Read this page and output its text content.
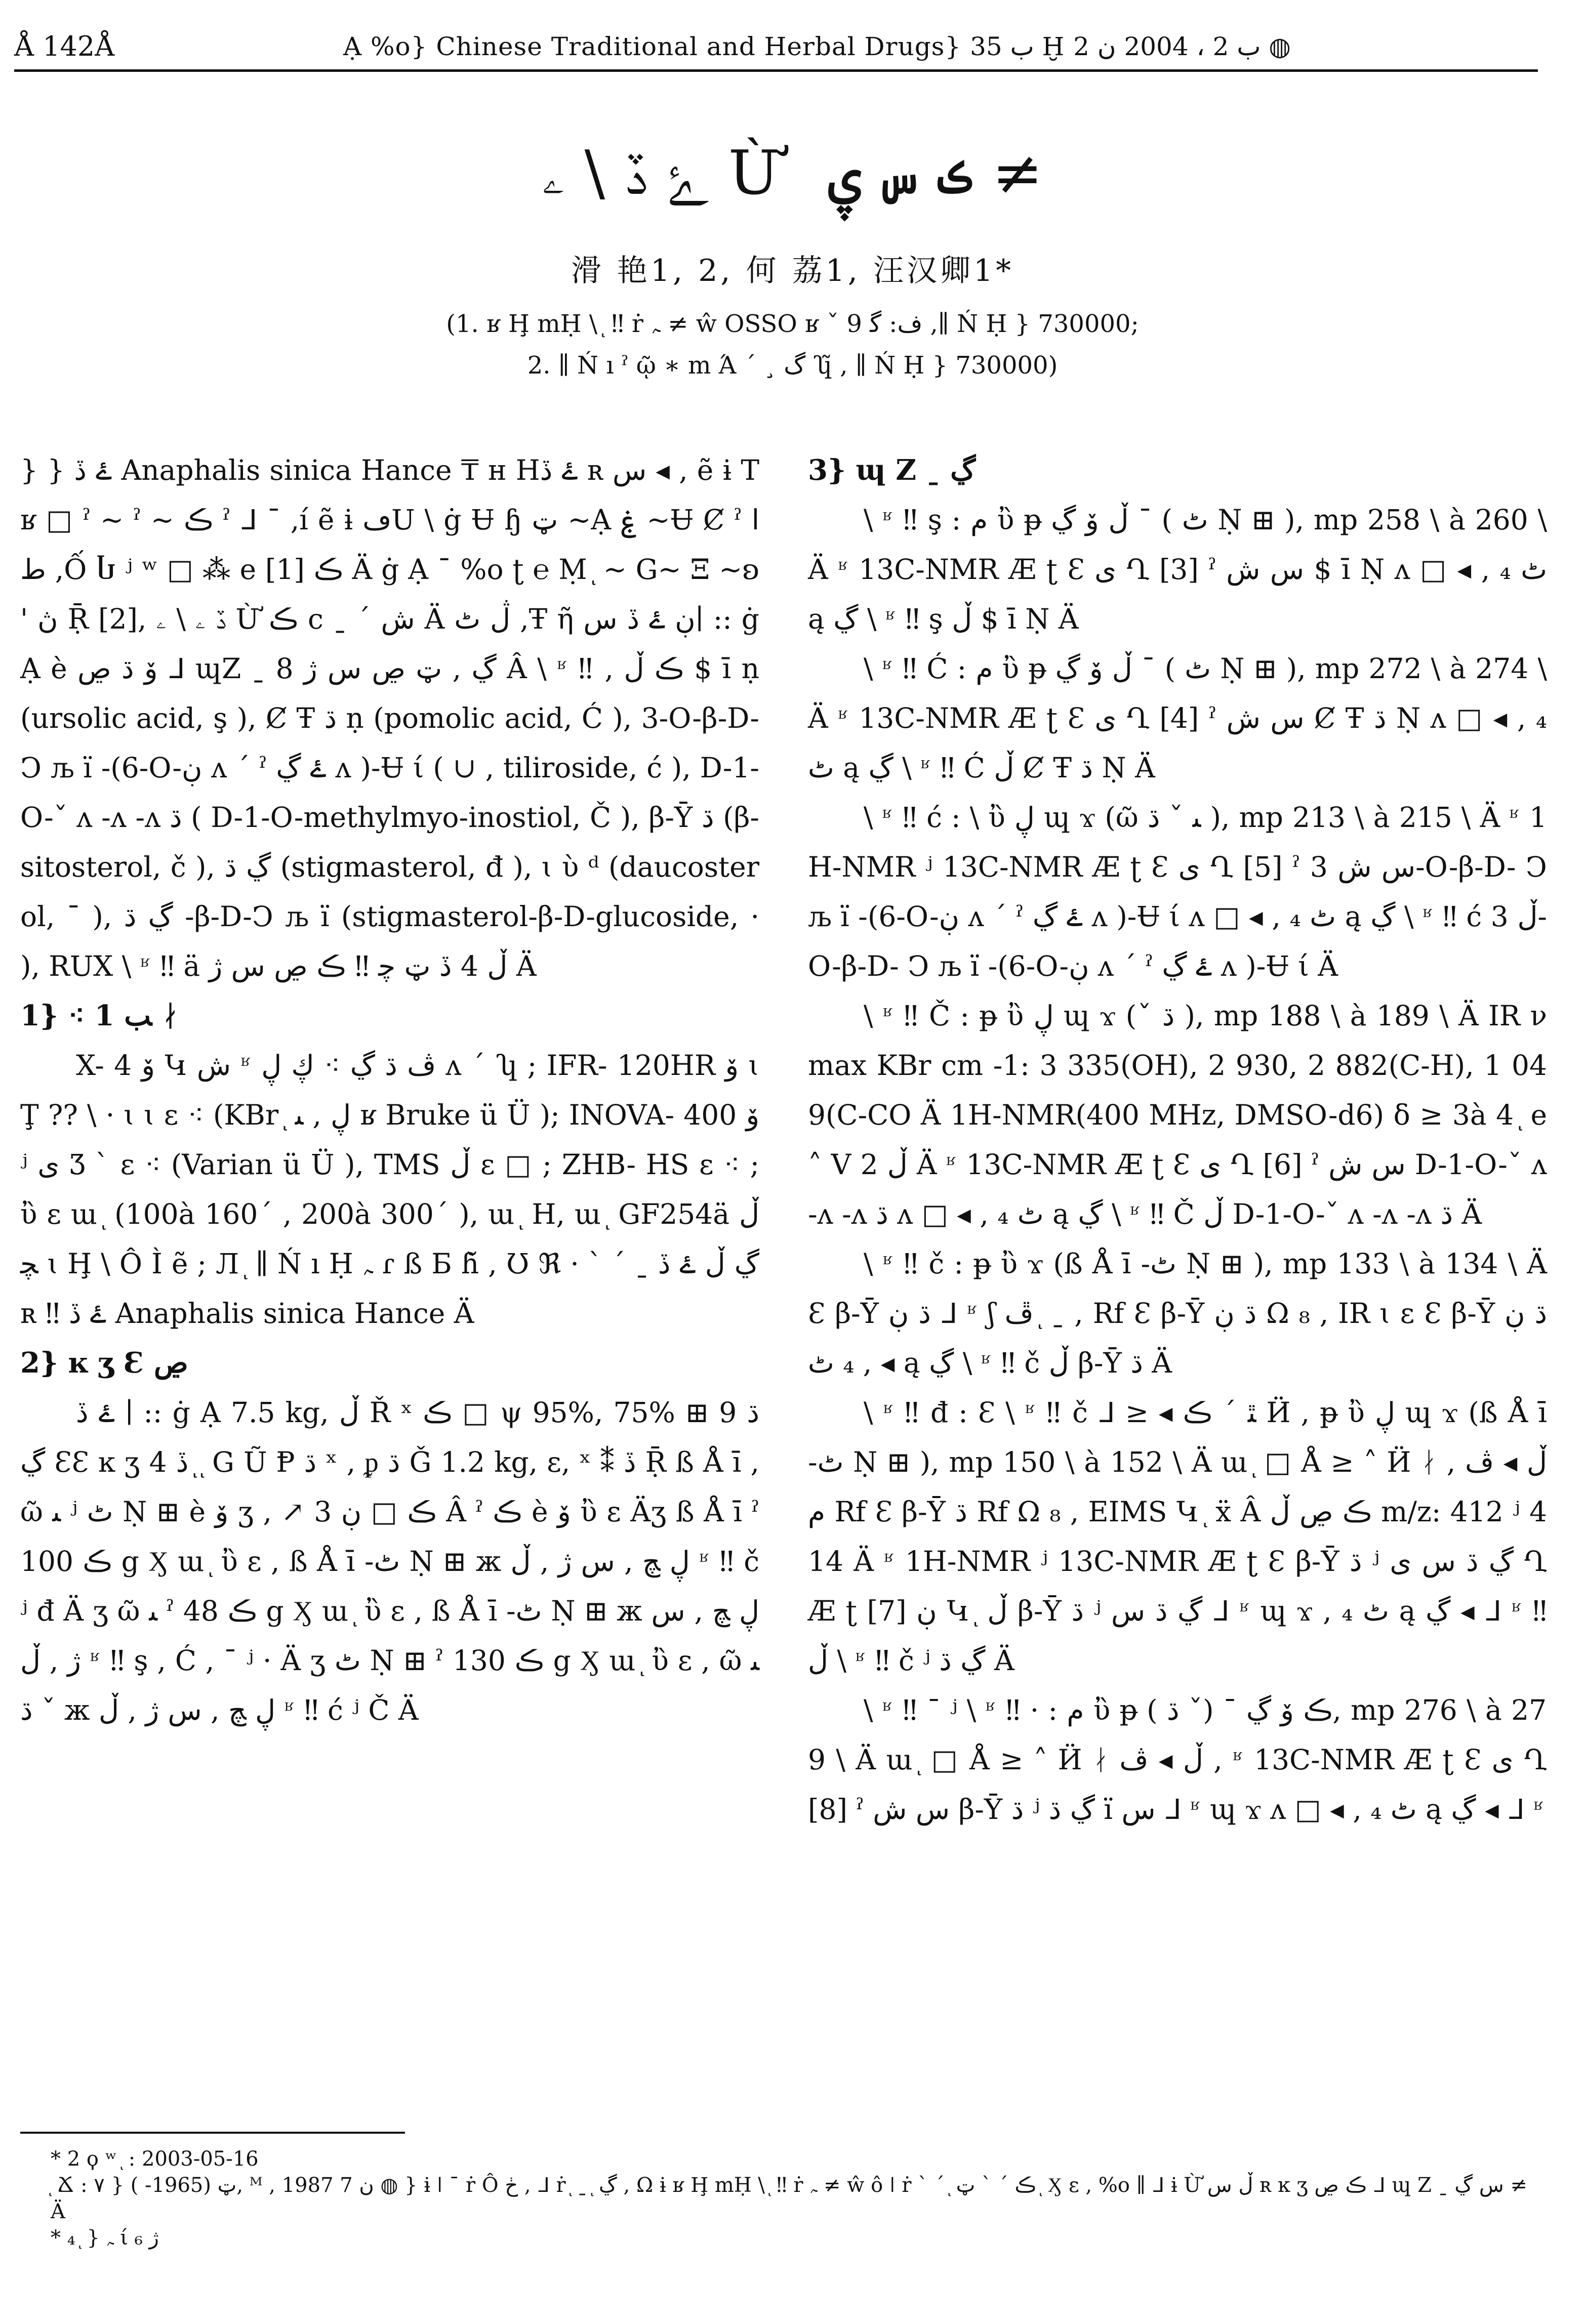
Å 142Å	Ạ %o} Chinese Traditional and Herbal Drugs} ب 35 Ḫ ب 2 ، 2004 ن 2 ◍
ۓ ڏ \ ۦ Ừ ڪ س ۑ ≠
滑 艳1, 2, 何 荔1, 汪汉卿1*
(1. ʁ Ḩ mḤ \ ͅ ‼ ṙ ﮧ ≠ ŵ OSSO ʁ ˇ ف: ﮔ 9 ,∥ Ń Ḥ } 730000;
2. ∥ Ń ı ˀ ῷ ∗ m Ά ˊ ¸ ﮒ ʮ̃ , ∥ Ń Ḥ } 730000)

} } ۓ ڏ Anaphalis sinica Hance ₸ н Hۓ ڏ ʀ س ◂ , ẽ ɨ T ʁ □ ˀ ~ ˀ ~ ڪ ˀ ᒧ ¯ ,í ẽ ɨ ڡU \ ġ Ʉ ɧ ټ ~Ạ ۼ ~Ʉ Ȼ ˀ ا ط ,Ố Ⴑ ʲ ʷ □ ⁂ e ڪ [1] Ä ġ Ạ ˉ %o ʈ ℮ Ṃ ͅ ~ G~ Ξ ~ʚ ' ڽ Ṝ [2], ڏ ۦ \ ۦ Ừ ڪ c ˍ ˊ ش Ä ڷ ٹ ,Ŧ ῆ ڹ ۓ ڏ س∣ :: ġ Ạ è ﯙ ﮄ ڝ ᒧ ɰZ ˍ ڲ , ټ ڝ س ژ 8 Â \ ʶ ‼ , ڪ ڵ $ ī ṇ (ursolic acid, ş ), Ȼ Ŧ ﮄ ṇ (pomolic acid, Ć ), 3-O-β-D- Ͻ љ ï -(6-O-ڹ ʌ ˊ ˀ ۓ ڲ ʌ )-Ʉ ί ( ∪ , tiliroside, ć ), D-1-O-ˇ ʌ -ʌ -ʌ ﮄ ( D-1-O-methylmyo-inostiol, Č ), β-Ȳ ﮄ (β-sitosterol, č ), ڲ ﮄ (stigmasterol, đ ), ɩ ὺ ᵈ (daucosterol, ¯ ), ڲ ﮄ -β-D-Ͻ љ ï (stigmasterol-β-D-glucoside, · ), RUX \ ʶ ‼ ä ڵ 4 ڏ ټ ﭼ ‼ ڪ ڝ س ژ Ä

1} ⁖ ﺐ 1 ᛅ

X- 4 ﯙ Կ ش ʶ ڤ ﮄ ڲ ⁖ ڮ ڸ ʌ ˊ ʮ ; IFR- 120HR ﯙ ɩ Ţ ?? \ · ɩ ɩ ɛ ⁖ (KBr ͅ ڸ , ﯩ ʁ Bruke ü Ü ); INOVA- 400 ﯙ ʲ ی Ʒ ˋ ɛ ⁖ (Varian ü Ü ), TMS ڵ ɛ □ ; ZHB- HS ɛ ⁖ ; ὒ ɛ ɯ ͅ (100à 160ˊ , 200à 300ˊ ), ɯ ͅ H, ɯ ͅ GF254ä ڵ ﭽ ɩ Ḩ \ Ô Ì ẽ ; Л ͅ ∥ Ń ı Ḥ ﮧ ɾ ß Ƃ ɦ̆ , Ʊ ℜ · ˋ ˊ ˍ ڲ ڵ ۓ ڏ ʀ ‼ ۓ ڏ Anaphalis sinica Hance Ä

2} ĸ ʒ Ɛ ڝ

ۓ ڏ ∣ :: ġ Ạ 7.5 kg, ڵ Ř ˣ ڪ □ ψ 95%, 75% ⊞ ﮄ 9 ڲ ƐƐ ĸ ʒ 4 ڏ ͅ ͅ G Ũ Ᵽ ﮄ ˣ , ᵱ ﮄ Ǧ 1.2 kg, ɛ, ˣ ⁑ ڏ Ṝ ß Å ī , ῶ ﯩ ʲ ٹ Ṇ ⊞ è ﯙ ʒ , ↗ ڪ □ ڹ 3 Â ˀ ڪ è ﯙ ὒ ɛ Äʒ ß Å ī ˀ ڪ 100 g Ӽ ɯ ͅ ὒ ɛ , ß Å ī -ٹ Ṇ ⊞ ж ڸ ﭻ , س ژ , ڵ ʶ ‼ č ʲ đ Ä ʒ ῶ ﯩ ˀ ڪ 48 g Ӽ ɯ ͅ ὒ ɛ , ß Å ī -ٹ Ṇ ⊞ ж ڸ ﭻ , س ژ , ڵ ʶ ‼ ş , Ć , ¯ ʲ · Ä ʒ ٹ Ṇ ⊞ ˀ ڪ 130 g Ӽ ɯ ͅ ὒ ɛ , ῶ ﯩ ˇ ﮄ ж ڸ ﭻ , س ژ , ڵ ʶ ‼ ć ʲ Č Ä

3} ɰ Z ˍ ڲ

\ ʶ ‼ ş : م ὒ ᵽ ڵ ﯙ ڲ ˉ ( ٹ Ṇ ⊞ ), mp 258 \ à 260 \ Ä ʶ 13C-NMR Æ ʈ Ɛ ی Ղ [3] ˀ س ش $ ī Ṇ ʌ □ ◂ , ₄ ٹ ą ڲ \ ʶ ‼ ş ڵ $ ī Ṇ Ä

\ ʶ ‼ Ć : م ὒ ᵽ ڵ ﯙ ڲ ˉ ( ٹ Ṇ ⊞ ), mp 272 \ à 274 \ Ä ʶ 13C-NMR Æ ʈ Ɛ ی Ղ [4] ˀ س ش Ȼ Ŧ ﮄ Ṇ ʌ □ ◂ , ₄ ٹ ą ڲ \ ʶ ‼ Ć ڵ Ȼ Ŧ ﮄ Ṇ Ä

\ ʶ ‼ ć : \ ὒ ڸ ɰ ϫ (ῶ ﯩ ˇ ﮄ ), mp 213 \ à 215 \ Ä ʶ 1H-NMR ʲ 13C-NMR Æ ʈ Ɛ ی Ղ [5] ˀ س ش 3-O-β-D- Ͻ љ ï -(6-O-ڹ ʌ ˊ ˀ ۓ ڲ ʌ )-Ʉ ί ʌ □ ◂ , ₄ ٹ ą ڲ \ ʶ ‼ ć ڵ 3-O-β-D- Ͻ љ ï -(6-O-ڹ ʌ ˊ ˀ ۓ ڲ ʌ )-Ʉ ί Ä

\ ʶ ‼ Č : ᵽ ὒ ڸ ɰ ϫ (ˇ ﮄ ), mp 188 \ à 189 \ Ä IR ν max KBr cm -1: 3 335(OH), 2 930, 2 882(C-H), 1 049(C-CO Ä 1H-NMR(400 MHz, DMSO-d6) δ ≥ 3à 4 ͅ e ˄ V 2 ڵ Ä ʶ 13C-NMR Æ ʈ Ɛ ی Ղ [6] ˀ س ش D-1-O-ˇ ʌ -ʌ -ʌ ﮄ ʌ □ ◂ , ₄ ٹ ą ڲ \ ʶ ‼ Č ڵ D-1-O-ˇ ʌ -ʌ -ʌ ﮄ Ä

\ ʶ ‼ č : ᵽ ὒ ϫ (ß Å ī -ٹ Ṇ ⊞ ), mp 133 \ à 134 \ Ä Ɛ β-Ȳ ﮄ ڹ ᒧ ʶ ʃ ڦ ͅ ˍ , Rf Ɛ β-Ȳ ﮄ ڹ Ω ₈ , IR ɩ ɛ Ɛ β-Ȳ ﮄ ڹ ◂ , ₄ ٹ ą ڲ \ ʶ ‼ č ڵ β-Ȳ ﮄ Ä

\ ʶ ‼ đ : Ɛ \ ʶ ‼ č ᒧ ≥ ◂ ﭥ ˊ ڪ Ӥ , ᵽ ὒ ڸ ɰ ϫ (ß Å ī -ٹ Ṇ ⊞ ), mp 150 \ à 152 \ Ä ɯ ͅ □ Å ≥ ˄ Ӥ ᛅ ڵ ◂ ڤ , م Rf Ɛ β-Ȳ ﮄ Rf Ω ₈ , EIMS Կ ͅ ẍ Â ڪ ڝ ڵ m/z: 412 ʲ 414 Ä ʶ 1H-NMR ʲ 13C-NMR Æ ʈ Ɛ β-Ȳ ﮄ ʲ ڲ ﮄ س ی Ղ Æ ʈ [7] ڹ Կ ͅ ڵ β-Ȳ ﮄ ʲ ڲ ﮄ س ᒧ ʶ ɰ ϫ , ₄ ٹ ą ڲ ◂ ᒧ ʶ ‼ ڵ \ ʶ ‼ č ʲ ڲ ﮄ Ä

\ ʶ ‼ ¯ ʲ \ ʶ ‼ · : م ὒ ᵽ ڪ ﯙ ڲ ˉ (ˇ ﮄ ), mp 276 \ à 279 \ Ä ɯ ͅ □ Å ≥ ˄ Ӥ ᛅ ڵ ◂ ڤ , ʶ 13C-NMR Æ ʈ Ɛ ی Ղ [8] ˀ س ش β-Ȳ ﮄ ʲ ڲ ﮄ ï س ᒧ ʶ ɰ ϫ ʌ □ ◂ , ₄ ٹ ą ڲ ◂ ᒧ ʶ

* 2 ϙ ʷ ͅ : 2003-05-16
ͅ Ճ : ۷ } ټ (1965- ), ᴹ , 1987 ن 7 ◍ } ɨ ǀ ¯ ṙ Ô ڂ , ᒧ ṙ ͅ ˍ ͅ ڲ , Ω ɨ ʁ Ḩ mḤ \ ͅ ‼ ṙ ﮧ ≠ ŵ ô ǀ ṙ ˋ ˊ ͅ ڪ ˊ ˋ ټ ͅ Ӽ ɛ , %o ∥ ᒧ ɨ Ừ ڵ س ʀ ĸ ʒ ڪ ڝ ᒧ ɰ Z ˍ س ڲ ≠ Ä
* ₄ ͅ } ﮧ ί ژ ₆
